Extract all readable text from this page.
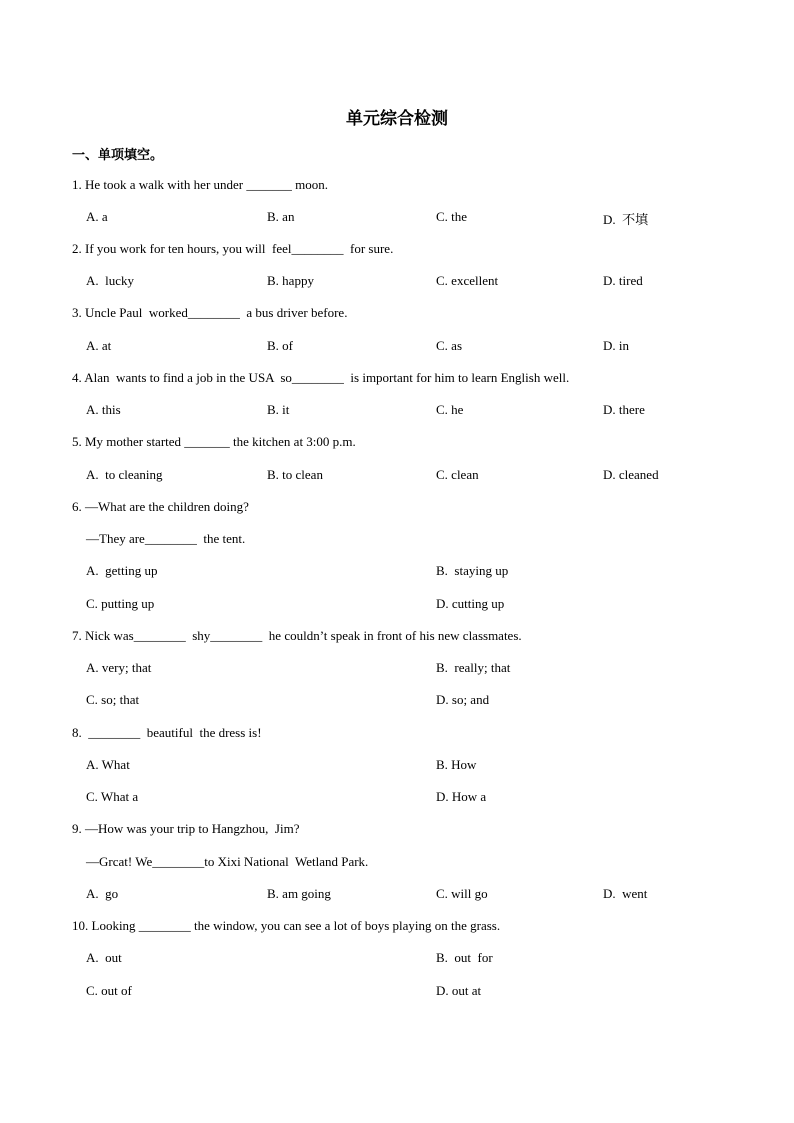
单元综合检测
一、单项填空。
1. He took a walk with her under _______ moon.
A. a	B. an	C. the	D.  不填
2. If you work for ten hours, you will  feel________  for sure.
A.  lucky	B. happy	C. excellent	D. tired
3. Uncle Paul  worked________  a bus driver before.
A. at	B. of	C. as	D. in
4. Alan  wants to find a job in the USA  so________  is important for him to learn English well.
A. this	B. it	C. he	D. there
5. My mother started _______ the kitchen at 3:00 p.m.
A.  to cleaning	B. to clean	C. clean	D. cleaned
6. —What are the children doing?
—They are________  the tent.
A.  getting up	B.  staying up
C. putting up	D. cutting up
7. Nick was________  shy________  he couldn’t speak in front of his new classmates.
A. very; that	B.  really; that
C. so; that	D. so; and
8.  ________  beautiful  the dress is!
A. What	B. How
C. What a	D. How a
9. —How was your trip to Hangzhou,  Jim?
—Grcat! We________to Xixi National  Wetland Park.
A.  go	B. am going	C. will go	D.  went
10. Looking ________ the window, you can see a lot of boys playing on the grass.
A.  out	B.  out  for
C. out of	D. out at
